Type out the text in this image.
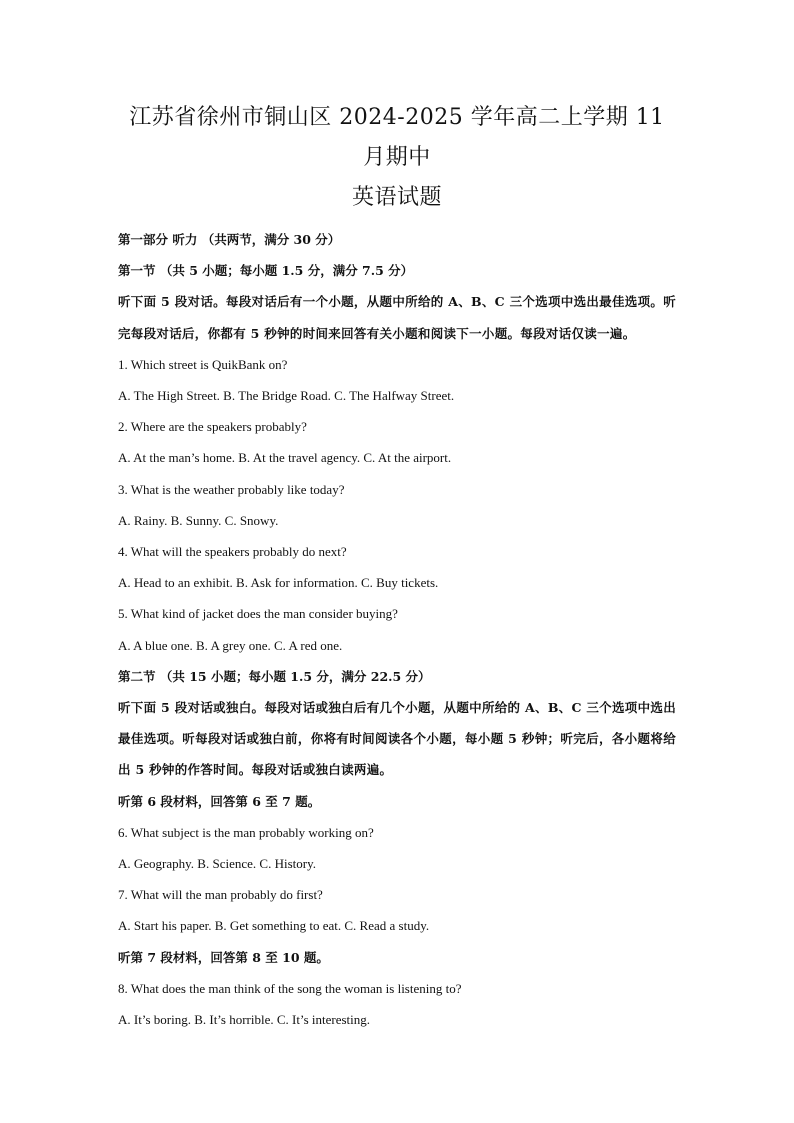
江苏省徐州市铜山区 2024-2025 学年高二上学期 11 月期中
英语试题

第一部分 听力 （共两节，满分 30 分）

第一节 （共 5 小题；每小题 1.5 分，满分 7.5 分）

听下面 5 段对话。每段对话后有一个小题，从题中所给的 A、B、C 三个选项中选出最佳选项。听完每段对话后，你都有 5 秒钟的时间来回答有关小题和阅读下一小题。每段对话仅读一遍。

1. Which street is QuikBank on?

A. The High Street. B. The Bridge Road. C. The Halfway Street.

2. Where are the speakers probably?

A. At the man’s home. B. At the travel agency. C. At the airport.

3. What is the weather probably like today?

A. Rainy. B. Sunny. C. Snowy.

4. What will the speakers probably do next?

A. Head to an exhibit. B. Ask for information. C. Buy tickets.

5. What kind of jacket does the man consider buying?

A. A blue one. B. A grey one. C. A red one.

第二节 （共 15 小题；每小题 1.5 分，满分 22.5 分）

听下面 5 段对话或独白。每段对话或独白后有几个小题，从题中所给的 A、B、C 三个选项中选出最佳选项。听每段对话或独白前，你将有时间阅读各个小题，每小题 5 秒钟；听完后，各小题将给出 5 秒钟的作答时间。每段对话或独白读两遍。

听第 6 段材料，回答第 6 至 7 题。

6. What subject is the man probably working on?

A. Geography. B. Science. C. History.

7. What will the man probably do first?

A. Start his paper. B. Get something to eat. C. Read a study.

听第 7 段材料，回答第 8 至 10 题。

8. What does the man think of the song the woman is listening to?

A. It’s boring. B. It’s horrible. C. It’s interesting.
